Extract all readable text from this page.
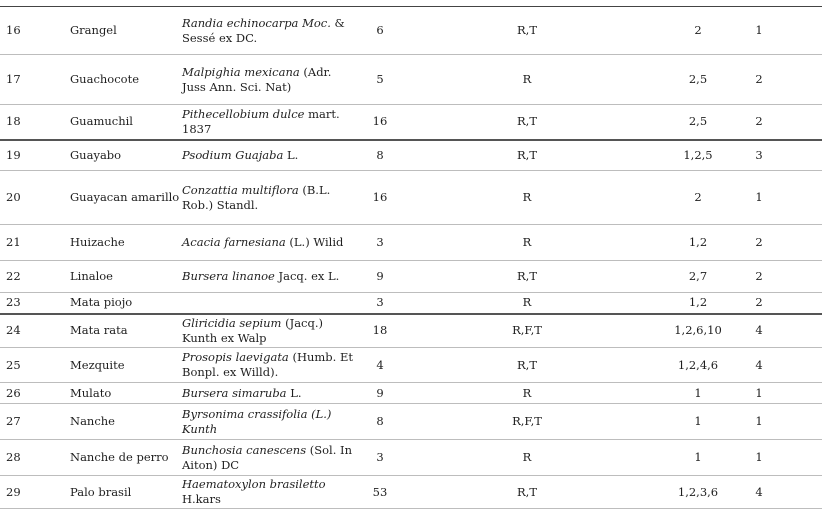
16	Grangel	Randia echinocarpa Moc. & Sessé ex DC.	6	R,T	2	1
17	Guachocote	Malpighia mexicana (Adr. Juss Ann. Sci. Nat)	5	R	2,5	2
18	Guamuchil	Pithecellobium dulce mart. 1837	16	R,T	2,5	2
19	Guayabo	Psodium Guajaba L.	8	R,T	1,2,5	3
20	Guayacan amarillo	Conzattia multiflora (B.L. Rob.) Standl.	16	R	2	1
21	Huizache	Acacia farnesiana (L.) Wilid	3	R	1,2	2
22	Linaloe	Bursera linanoe Jacq. ex L.	9	R,T	2,7	2
23	Mata piojo		3	R	1,2	2
24	Mata rata	Gliricidia sepium (Jacq.) Kunth ex Walp	18	R,F,T	1,2,6,10	4
25	Mezquite	Prosopis laevigata (Humb. Et Bonpl. ex Willd).	4	R,T	1,2,4,6	4
26	Mulato	Bursera simaruba L.	9	R	1	1
27	Nanche	Byrsonima crassifolia (L.) Kunth	8	R,F,T	1	1
28	Nanche de perro	Bunchosia canescens (Sol. In Aiton) DC	3	R	1	1
29	Palo brasil	Haematoxylon brasiletto H.kars	53	R,T	1,2,3,6	4
